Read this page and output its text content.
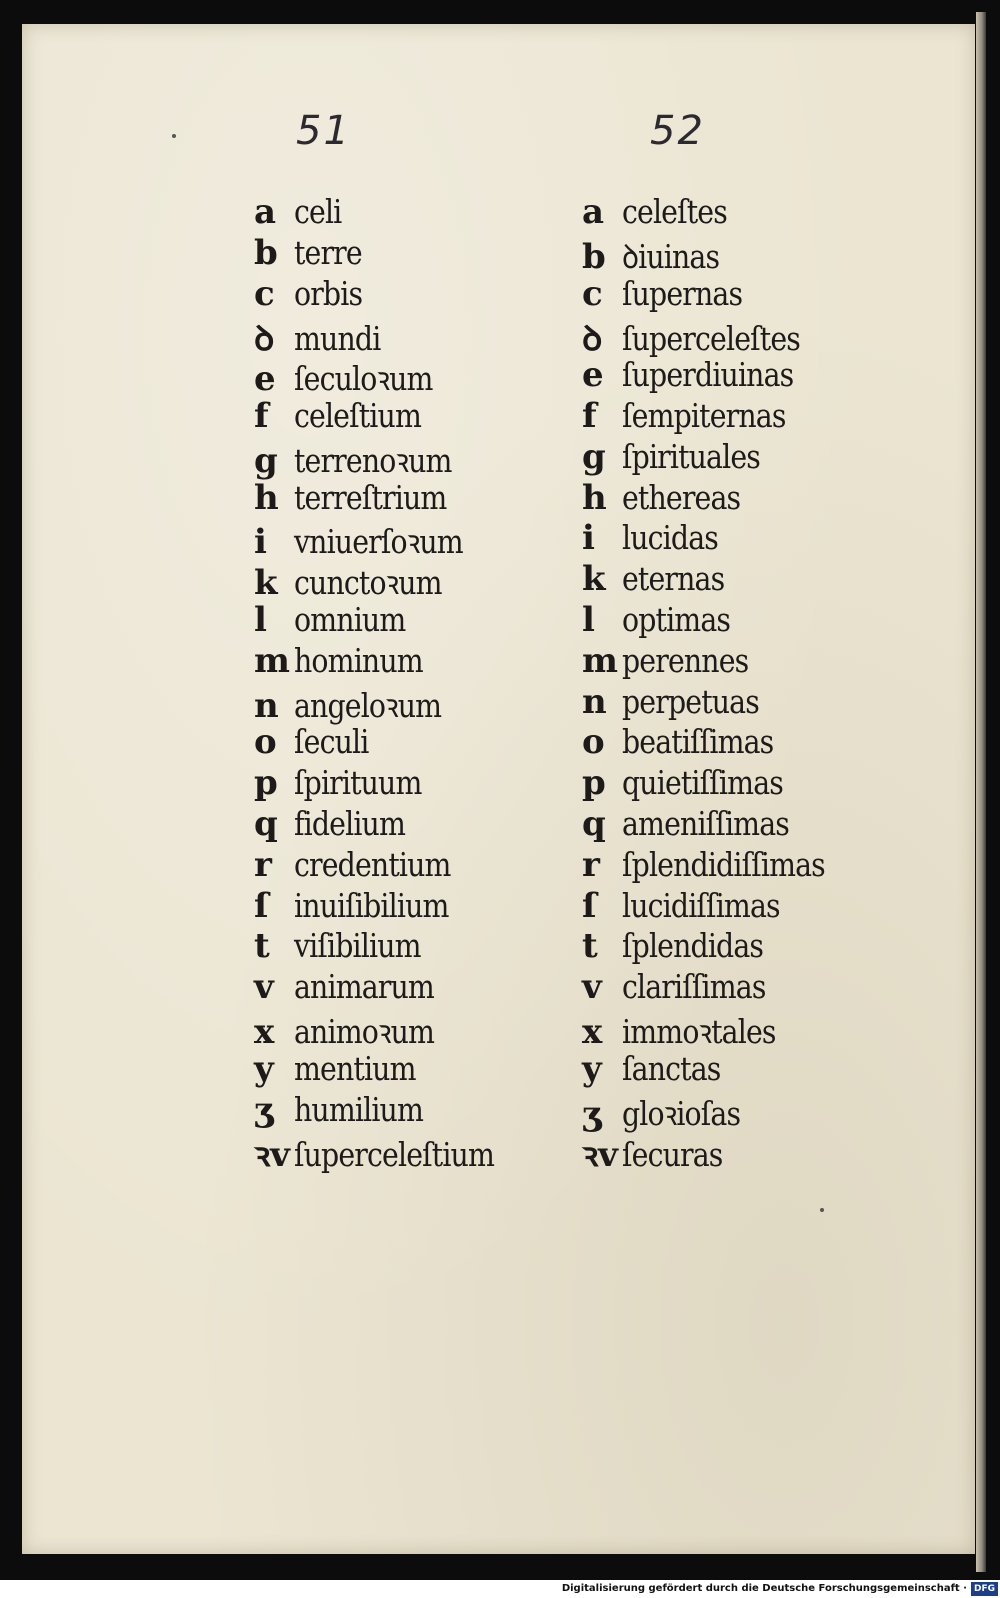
51	52
a celi
b terre
c orbis
ꝺ mundi
e ſeculoꝛum
f celeſtium
g terrenoꝛum
h terreſtrium
i vniuerſoꝛum
k cunctoꝛum
l omnium
m hominum
n angeloꝛum
o ſeculi
p ſpirituum
q fidelium
r credentium
ſ inuiſibilium
t viſibilium
v animarum
x animoꝛum
y mentium
ʒ humilium
ꝛv ſuperceleſtium
a celeſtes
b ꝺiuinas
c ſupernas
ꝺ ſuperceleſtes
e ſuperdiuinas
f ſempiternas
g ſpirituales
h ethereas
i lucidas
k eternas
l optimas
m perennes
n perpetuas
o beatiſſimas
p quietiſſimas
q ameniſſimas
r ſplendidiſſimas
ſ lucidiſſimas
t ſplendidas
v clariſſimas
x immoꝛtales
y ſanctas
ʒ gloꝛioſas
ꝛv ſecuras
Digitalisierung gefördert durch die Deutsche Forschungsgemeinschaft · DFG
